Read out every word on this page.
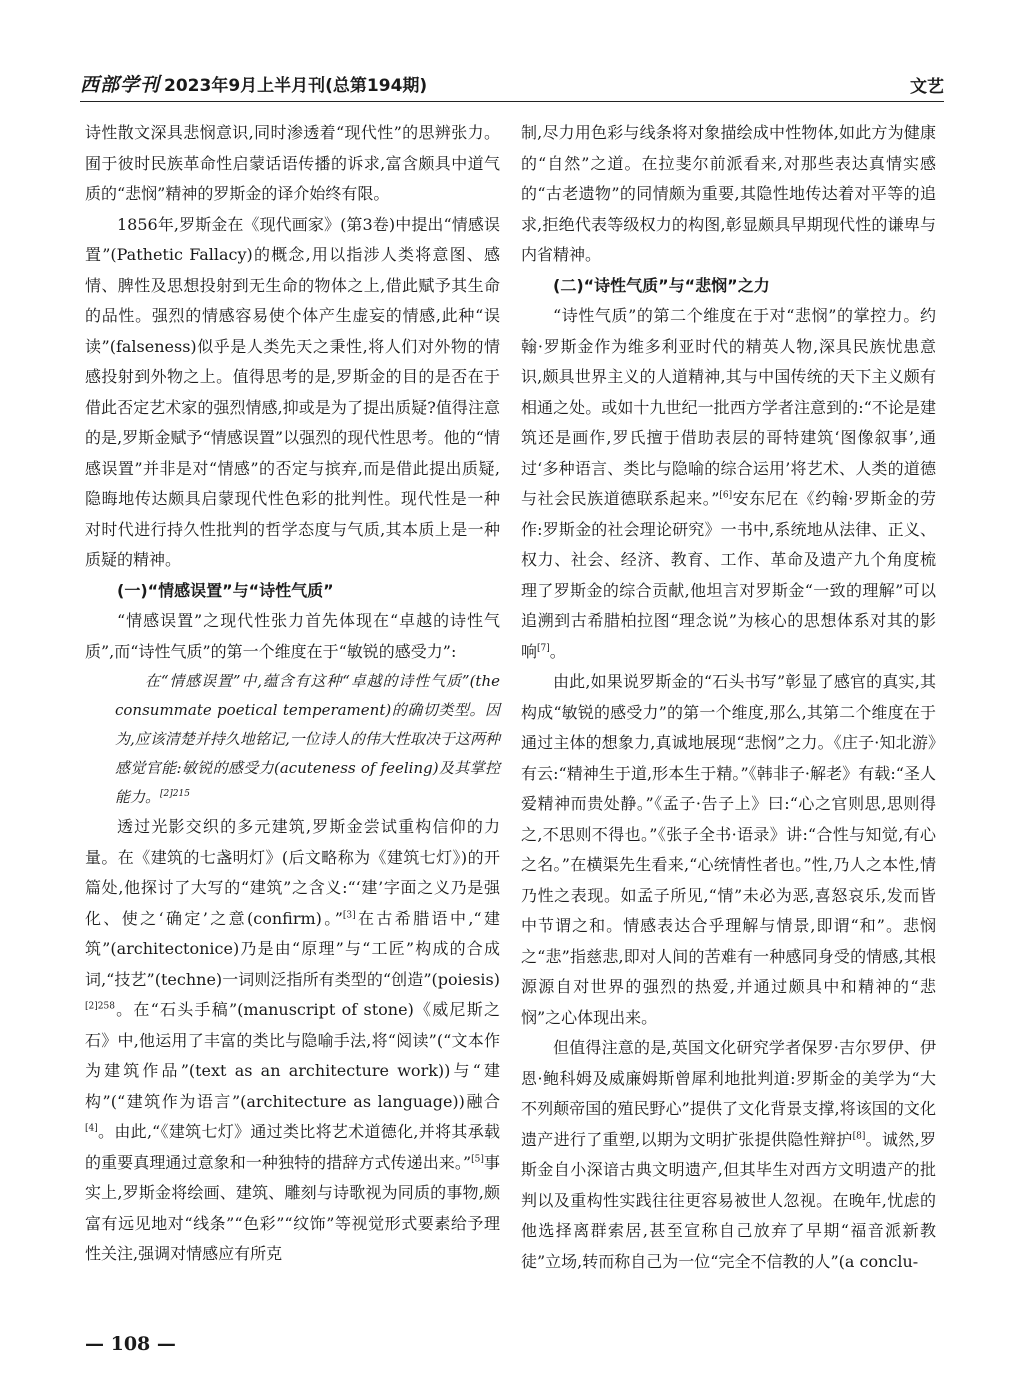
西部学刊 2023年9月上半月刊(总第194期)	文艺

诗性散文深具悲悯意识,同时渗透着“现代性”的思辨张力。囿于彼时民族革命性启蒙话语传播的诉求,富含颇具中道气质的“悲悯”精神的罗斯金的译介始终有限。

1856年,罗斯金在《现代画家》(第3卷)中提出“情感误置”(Pathetic Fallacy)的概念,用以指涉人类将意图、感情、脾性及思想投射到无生命的物体之上,借此赋予其生命的品性。强烈的情感容易使个体产生虚妄的情感,此种“误读”(falseness)似乎是人类先天之秉性,将人们对外物的情感投射到外物之上。值得思考的是,罗斯金的目的是否在于借此否定艺术家的强烈情感,抑或是为了提出质疑?值得注意的是,罗斯金赋予“情感误置”以强烈的现代性思考。他的“情感误置”并非是对“情感”的否定与摈弃,而是借此提出质疑,隐晦地传达颇具启蒙现代性色彩的批判性。现代性是一种对时代进行持久性批判的哲学态度与气质,其本质上是一种质疑的精神。

(一)“情感误置”与“诗性气质”

“情感误置”之现代性张力首先体现在“卓越的诗性气质”,而“诗性气质”的第一个维度在于“敏锐的感受力”:

在“情感误置”中,蕴含有这种“卓越的诗性气质”(the consummate poetical temperament)的确切类型。因为,应该清楚并持久地铭记,一位诗人的伟大性取决于这两种感觉官能:敏锐的感受力(acuteness of feeling)及其掌控能力。$^{[2]215}$

透过光影交织的多元建筑,罗斯金尝试重构信仰的力量。在《建筑的七盏明灯》(后文略称为《建筑七灯》)的开篇处,他探讨了大写的“建筑”之含义:“‘建’字面之义乃是强化、使之‘确定’之意(confirm)。”[3]在古希腊语中,“建筑”(architectonice)乃是由“原理”与“工匠”构成的合成词,“技艺”(techne)一词则泛指所有类型的“创造”(poiesis)$^{[2]258}$。在“石头手稿”(manuscript of stone)《威尼斯之石》中,他运用了丰富的类比与隐喻手法,将“阅读”(“文本作为建筑作品”(text as an architecture work))与“建构”(“建筑作为语言”(architecture as language))融合[4]。由此,“《建筑七灯》通过类比将艺术道德化,并将其承载的重要真理通过意象和一种独特的措辞方式传递出来。”[5]事实上,罗斯金将绘画、建筑、雕刻与诗歌视为同质的事物,颇富有远见地对“线条”“色彩”“纹饰”等视觉形式要素给予理性关注,强调对情感应有所克

制,尽力用色彩与线条将对象描绘成中性物体,如此方为健康的“自然”之道。在拉斐尔前派看来,对那些表达真情实感的“古老遗物”的同情颇为重要,其隐性地传达着对平等的追求,拒绝代表等级权力的构图,彰显颇具早期现代性的谦卑与内省精神。

(二)“诗性气质”与“悲悯”之力

“诗性气质”的第二个维度在于对“悲悯”的掌控力。约翰·罗斯金作为维多利亚时代的精英人物,深具民族忧患意识,颇具世界主义的人道精神,其与中国传统的天下主义颇有相通之处。或如十九世纪一批西方学者注意到的:“不论是建筑还是画作,罗氏擅于借助表层的哥特建筑‘图像叙事’,通过‘多种语言、类比与隐喻的综合运用’将艺术、人类的道德与社会民族道德联系起来。”[6]安东尼在《约翰·罗斯金的劳作:罗斯金的社会理论研究》一书中,系统地从法律、正义、权力、社会、经济、教育、工作、革命及遗产九个角度梳理了罗斯金的综合贡献,他坦言对罗斯金“一致的理解”可以追溯到古希腊柏拉图“理念说”为核心的思想体系对其的影响[7]。

由此,如果说罗斯金的“石头书写”彰显了感官的真实,其构成“敏锐的感受力”的第一个维度,那么,其第二个维度在于通过主体的想象力,真诚地展现“悲悯”之力。《庄子·知北游》有云:“精神生于道,形本生于精。”《韩非子·解老》有载:“圣人爱精神而贵处静。”《孟子·告子上》曰:“心之官则思,思则得之,不思则不得也。”《张子全书·语录》讲:“合性与知觉,有心之名。”在横渠先生看来,“心统情性者也。”性,乃人之本性,情乃性之表现。如孟子所见,“情”未必为恶,喜怒哀乐,发而皆中节谓之和。情感表达合乎理解与情景,即谓“和”。悲悯之“悲”指慈悲,即对人间的苦难有一种感同身受的情感,其根源源自对世界的强烈的热爱,并通过颇具中和精神的“悲悯”之心体现出来。

但值得注意的是,英国文化研究学者保罗·吉尔罗伊、伊恩·鲍科姆及威廉姆斯曾犀利地批判道:罗斯金的美学为“大不列颠帝国的殖民野心”提供了文化背景支撑,将该国的文化遗产进行了重塑,以期为文明扩张提供隐性辩护[8]。诚然,罗斯金自小深谙古典文明遗产,但其毕生对西方文明遗产的批判以及重构性实践往往更容易被世人忽视。在晚年,忧虑的他选择离群索居,甚至宣称自己放弃了早期“福音派新教徒”立场,转而称自己为一位“完全不信教的人”(a conclu-

— 108 —
